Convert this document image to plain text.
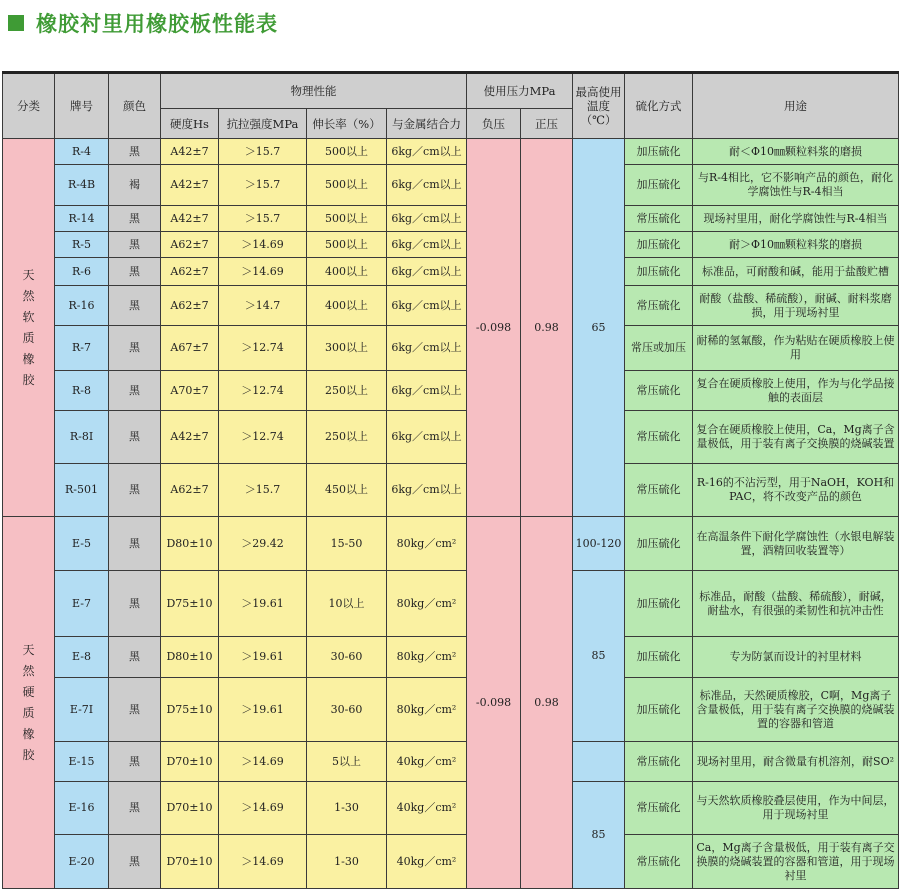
橡胶衬里用橡胶板性能表
分类	牌号	颜色	物理性能				使用压力MPa		最高使用温度（℃）	硫化方式	用途
			硬度Hs	抗拉强度MPa	伸长率（%）	与金属结合力	负压	正压			
天然软质橡胶	R-4	黑	A42±7	＞15.7	500以上	6kg／cm以上	-0.098	0.98	65	加压硫化	耐＜Φ10㎜颗粒料浆的磨损
	R-4B	褐	A42±7	＞15.7	500以上	6kg／cm以上				加压硫化	与R-4相比，它不影响产品的颜色，耐化学腐蚀性与R-4相当
	R-14	黑	A42±7	＞15.7	500以上	6kg／cm以上				常压硫化	现场衬里用，耐化学腐蚀性与R-4相当
	R-5	黑	A62±7	＞14.69	500以上	6kg／cm以上				加压硫化	耐＞Φ10㎜颗粒料浆的磨损
	R-6	黑	A62±7	＞14.69	400以上	6kg／cm以上				加压硫化	标准品，可耐酸和碱，能用于盐酸贮槽
	R-16	黑	A62±7	＞14.7	400以上	6kg／cm以上				常压硫化	耐酸（盐酸、稀硫酸），耐碱、耐料浆磨损，用于现场衬里
	R-7	黑	A67±7	＞12.74	300以上	6kg／cm以上				常压或加压	耐稀的氢氟酸，作为粘贴在硬质橡胶上使用
	R-8	黑	A70±7	＞12.74	250以上	6kg／cm以上				常压硫化	复合在硬质橡胶上使用，作为与化学品接触的表面层
	R-8I	黑	A42±7	＞12.74	250以上	6kg／cm以上				常压硫化	复合在硬质橡胶上使用，Ca，Mg离子含量极低，用于装有离子交换膜的烧碱装置
	R-501	黑	A62±7	＞15.7	450以上	6kg／cm以上				常压硫化	R-16的不沾污型，用于NaOH，KOH和PAC，将不改变产品的颜色
天然硬质橡胶	E-5	黑	D80±10	＞29.42	15-50	80kg／cm²	-0.098	0.98	100-120	加压硫化	在高温条件下耐化学腐蚀性（水银电解装置，酒精回收装置等）
	E-7	黑	D75±10	＞19.61	10以上	80kg／cm²			85	加压硫化	标准品，耐酸（盐酸、稀硫酸），耐碱，耐盐水，有很强的柔韧性和抗冲击性
	E-8	黑	D80±10	＞19.61	30-60	80kg／cm²				加压硫化	专为防氯而设计的衬里材料
	E-7I	黑	D75±10	＞19.61	30-60	80kg／cm²				加压硫化	标准品，天然硬质橡胶，C啊，Mg离子含量极低，用于装有离子交换膜的烧碱装置的容器和管道
	E-15	黑	D70±10	＞14.69	5以上	40kg／cm²				常压硫化	现场衬里用，耐含微量有机溶剂，耐SO²
	E-16	黑	D70±10	＞14.69	1-30	40kg／cm²			85	常压硫化	与天然软质橡胶叠层使用，作为中间层，用于现场衬里
	E-20	黑	D70±10	＞14.69	1-30	40kg／cm²				常压硫化	Ca，Mg离子含量极低，用于装有离子交换膜的烧碱装置的容器和管道，用于现场衬里
